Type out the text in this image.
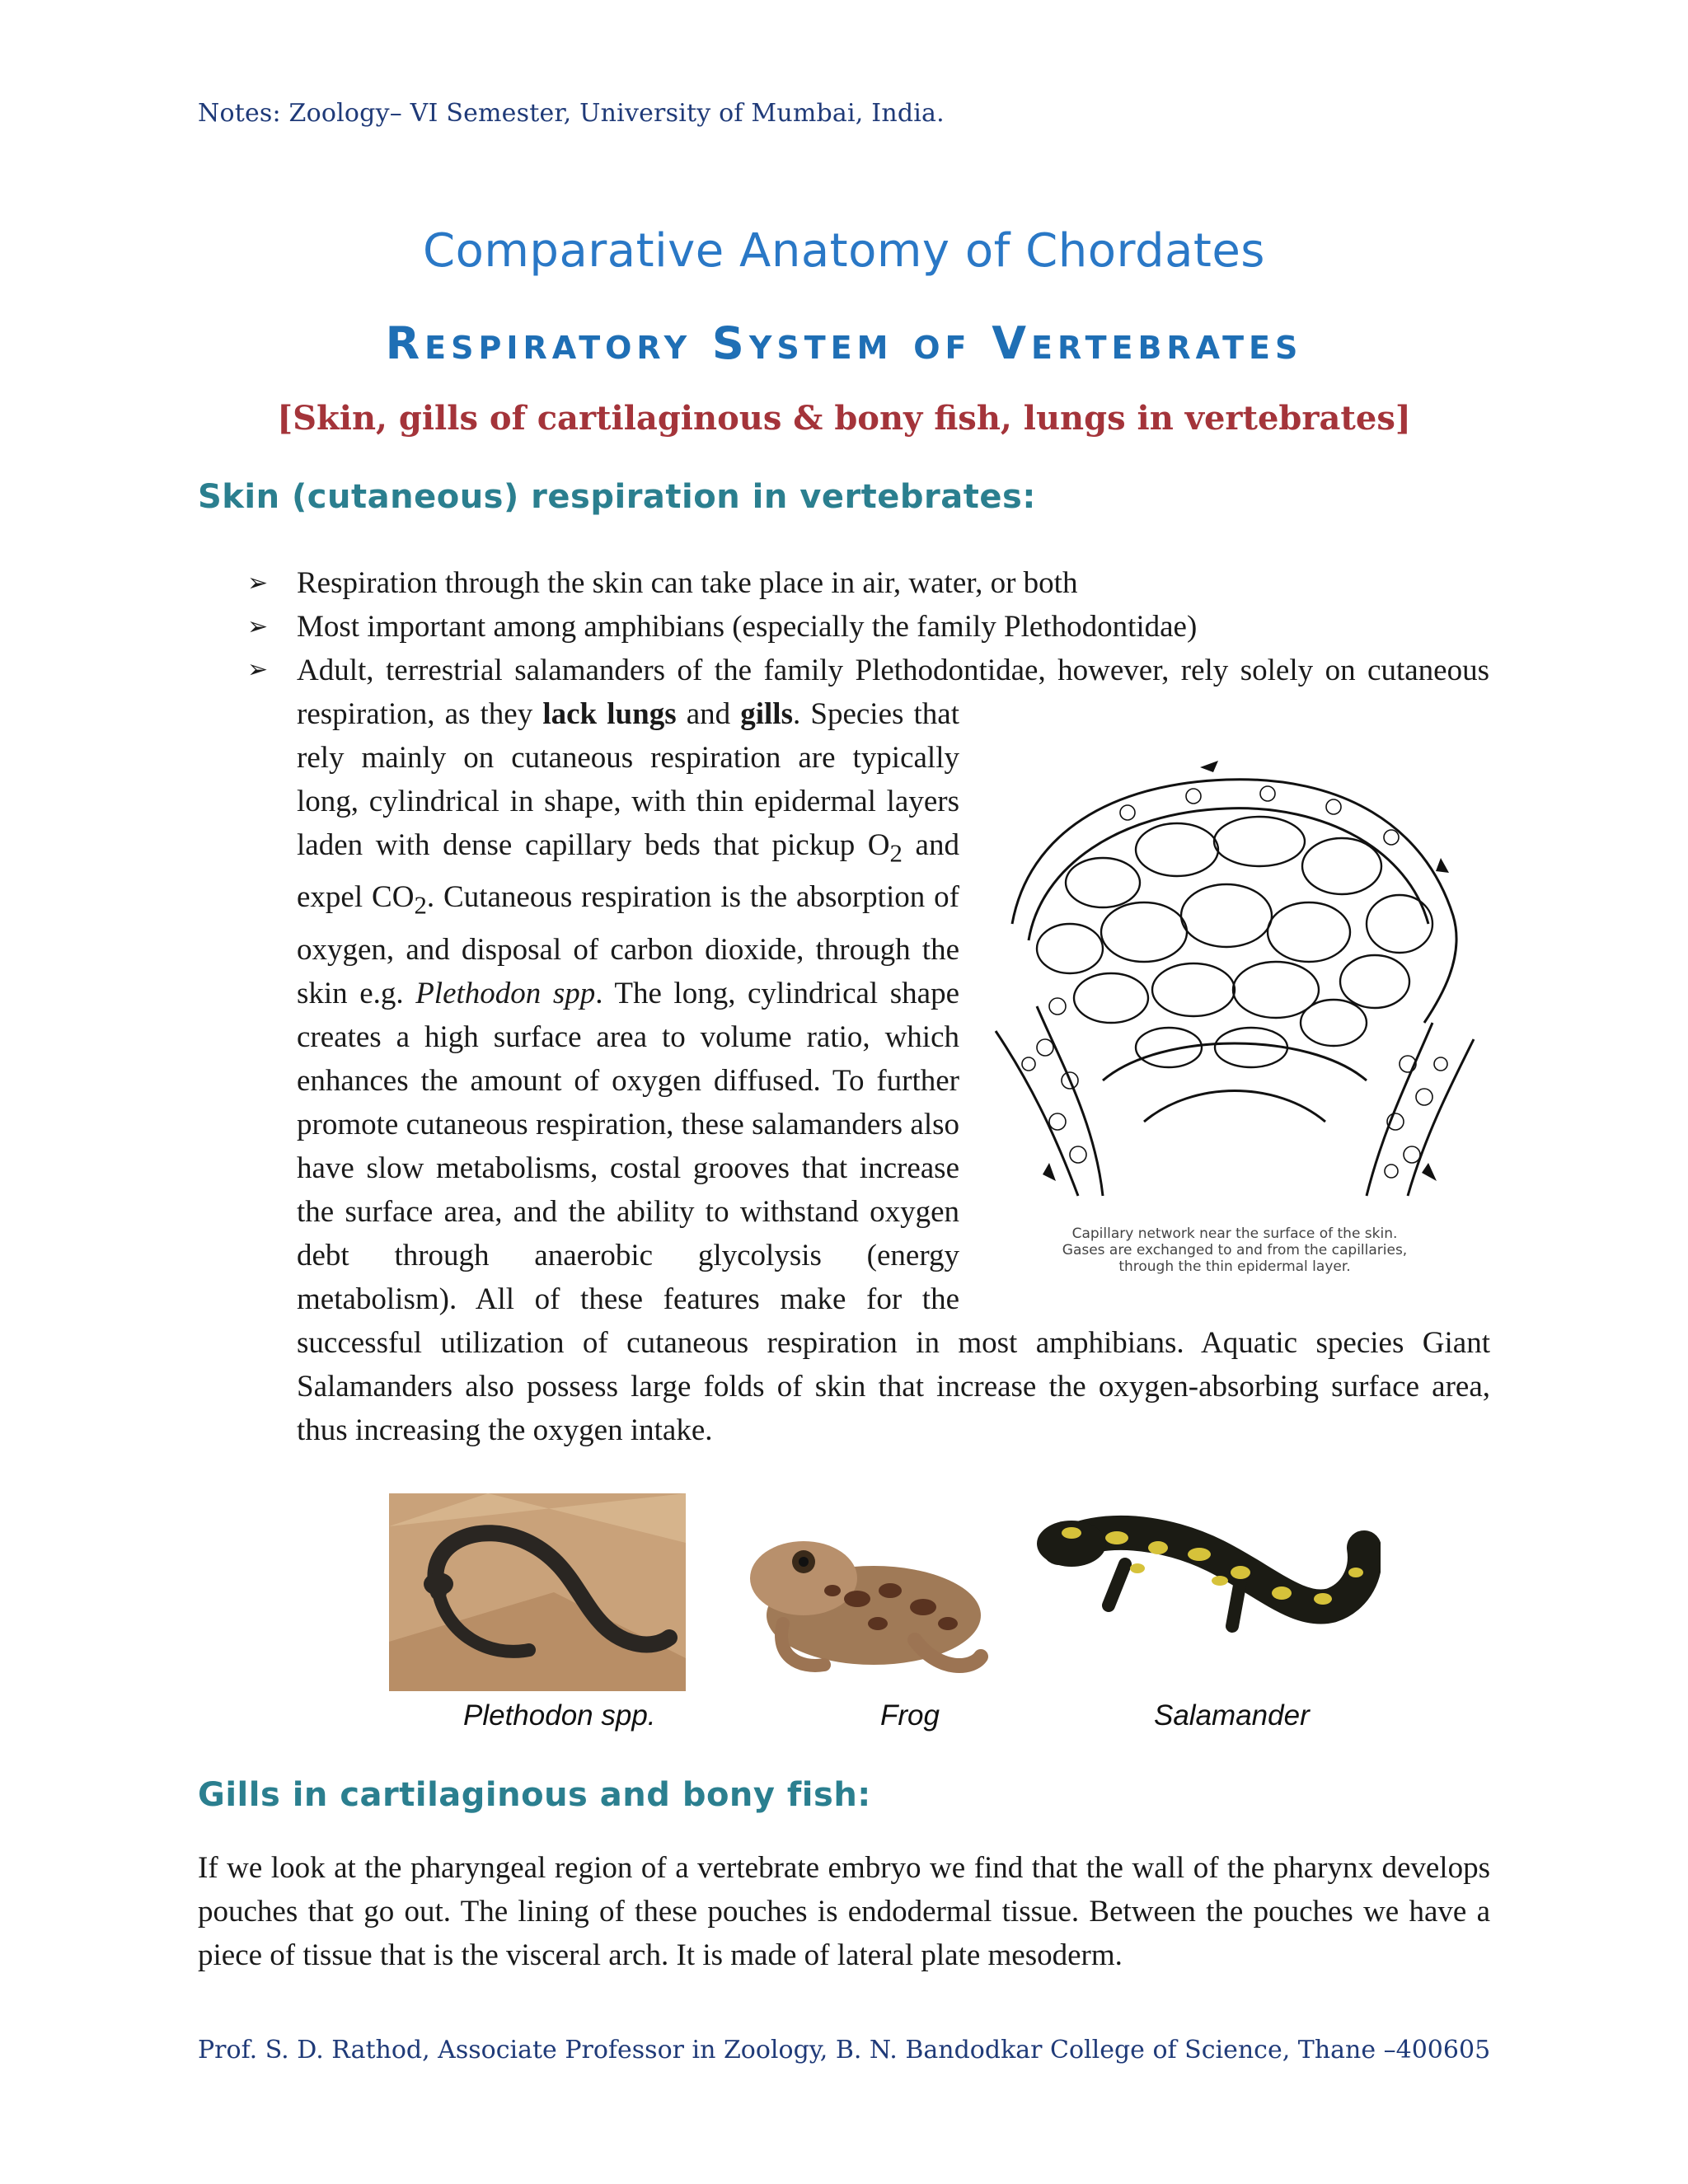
Notes: Zoology– VI Semester, University of Mumbai, India.
Comparative Anatomy of Chordates
Respiratory System of Vertebrates
[Skin, gills of cartilaginous & bony fish, lungs in vertebrates]
Skin (cutaneous) respiration in vertebrates:
➢ Respiration through the skin can take place in air, water, or both
➢ Most important among amphibians (especially the family Plethodontidae)
➢
Capillary network near the surface of the skin.
Gases are exchanged to and from the capillaries,
through the thin epidermal layer.
Adult, terrestrial salamanders of the family Plethodontidae, however, rely solely on cutaneous respiration, as they lack lungs and gills. Species that rely mainly on cutaneous respiration are typically long, cylindrical in shape, with thin epidermal layers laden with dense capillary beds that pickup $O_2$ and expel $CO_2$. Cutaneous respiration is the absorption of oxygen, and disposal of carbon dioxide, through the skin e.g. Plethodon spp. The long, cylindrical shape creates a high surface area to volume ratio, which enhances the amount of oxygen diffused. To further promote cutaneous respiration, these salamanders also have slow metabolisms, costal grooves that increase the surface area, and the ability to withstand oxygen debt through anaerobic glycolysis (energy metabolism). All of these features make for the successful utilization of cutaneous respiration in most amphibians. Aquatic species Giant Salamanders also possess large folds of skin that increase the oxygen-absorbing surface area, thus increasing the oxygen intake.
Plethodon spp.	Frog	Salamander
Gills in cartilaginous and bony fish:
If we look at the pharyngeal region of a vertebrate embryo we find that the wall of the pharynx develops pouches that go out. The lining of these pouches is endodermal tissue. Between the pouches we have a piece of tissue that is the visceral arch. It is made of lateral plate mesoderm.
Prof. S. D. Rathod, Associate Professor in Zoology, B. N. Bandodkar College of Science, Thane –400605
